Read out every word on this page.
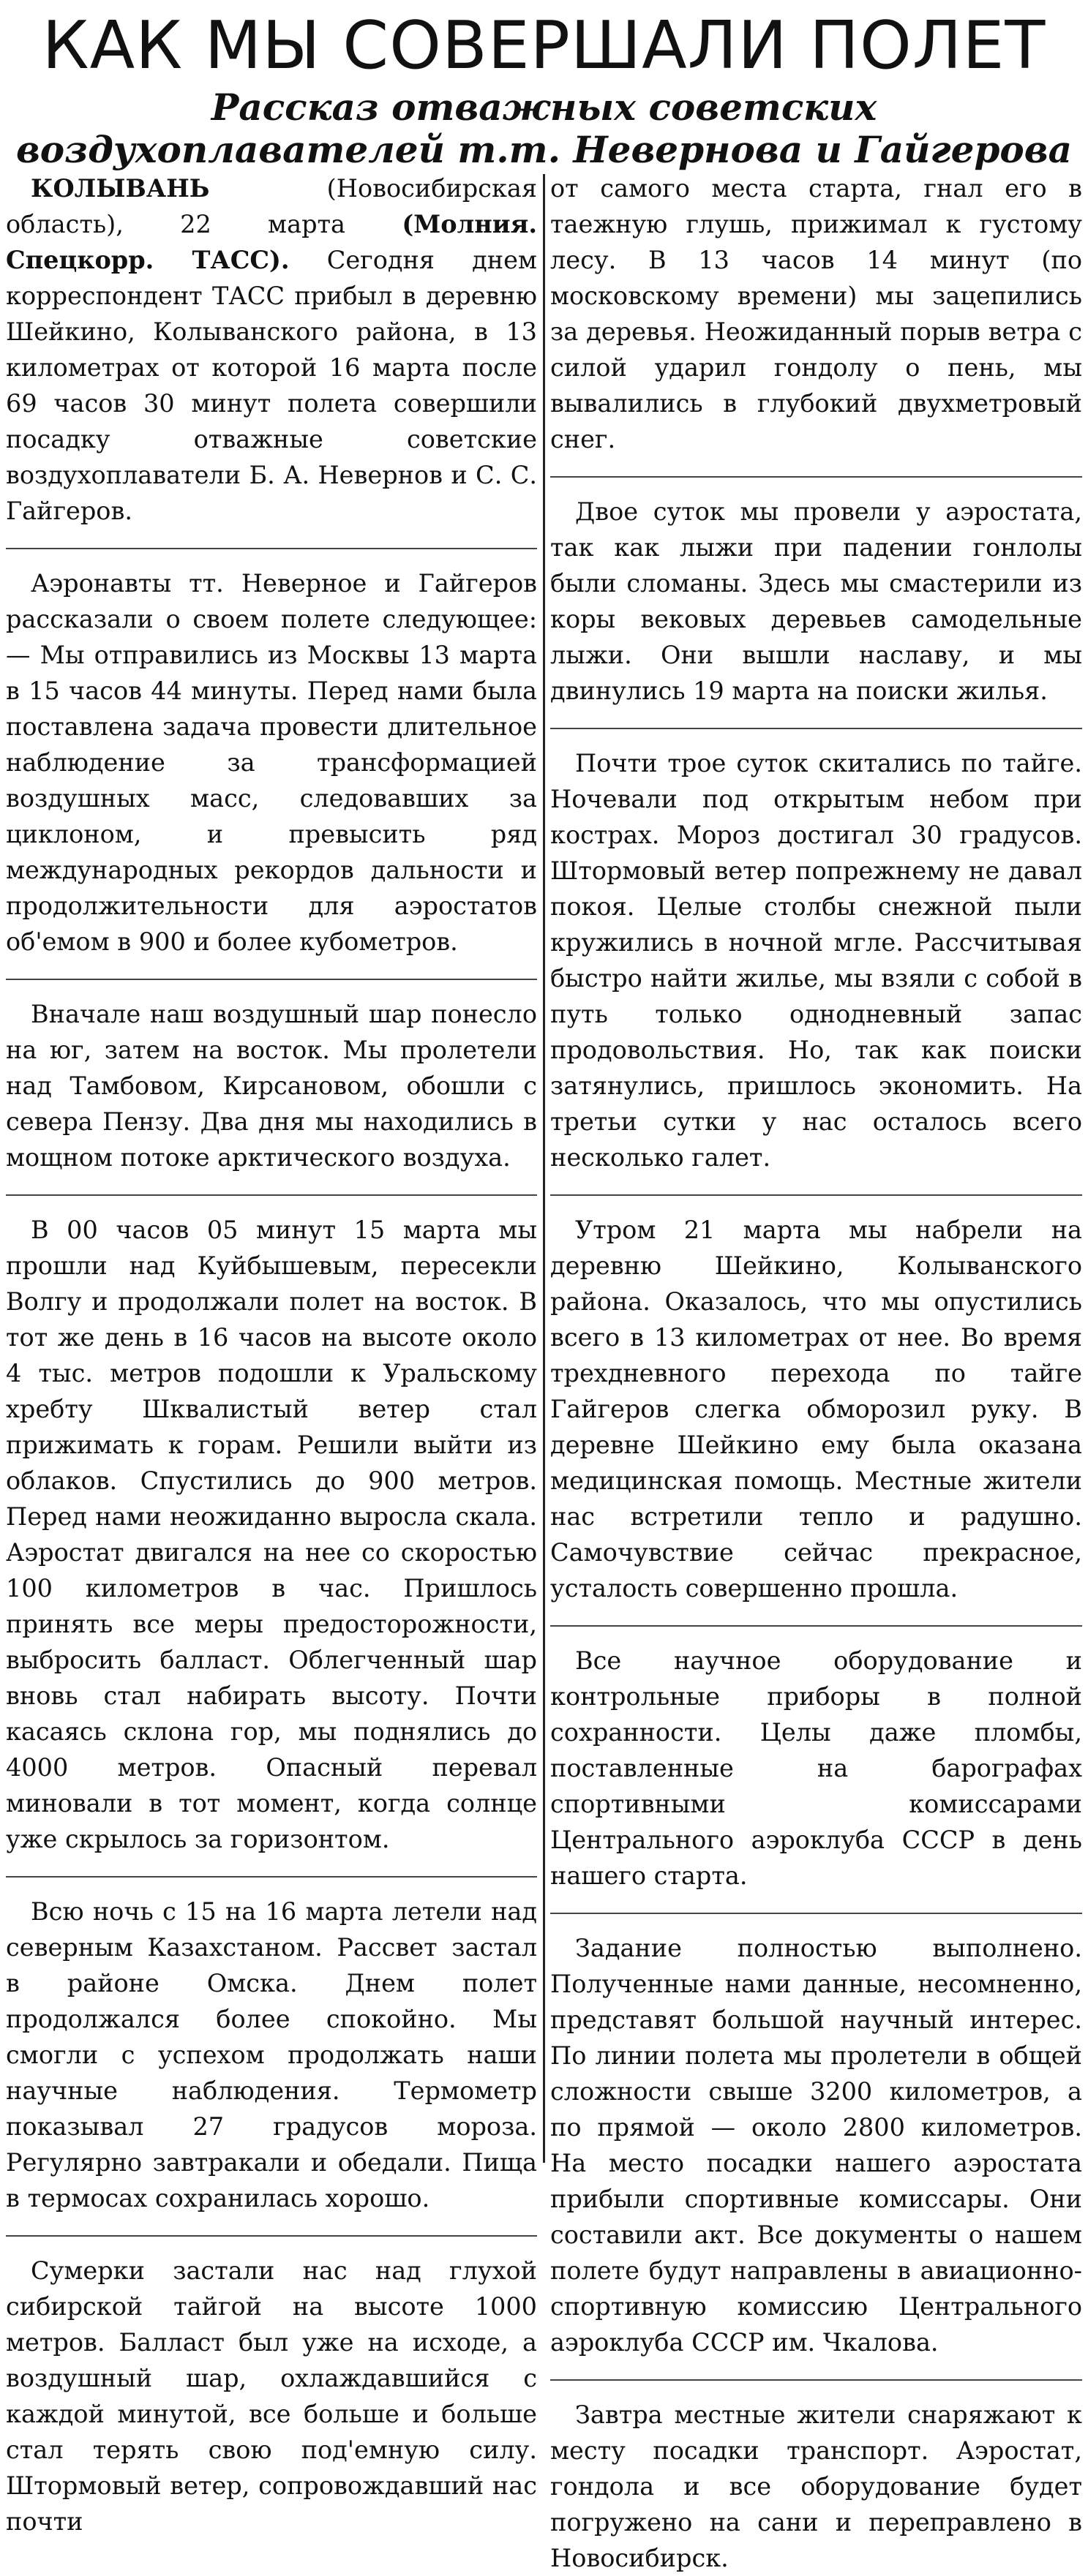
КАК МЫ СОВЕРШАЛИ ПОЛЕТ
Рассказ отважных советских
воздухоплавателей т.т. Невернова и Гайгерова

КОЛЫВАНЬ	(Новосибирская область), 22 марта (Молния. Спецкорр. ТАСС). Сегодня днем корреспондент ТАСС прибыл в деревню Шейкино, Колыванского района, в 13 километрах от которой 16 марта после 69 часов 30 минут полета совершили посадку отважные советские воздухоплаватели Б. А. Невернов и С. С. Гайгеров.

Аэронавты тт. Неверное и Гайгеров рассказали о своем полете следующее: — Мы отправились из Москвы 13 марта в 15 часов 44 минуты. Перед нами была поставлена задача провести длительное наблюдение за трансформацией воздушных масс, следовавших за циклоном, и превысить ряд международных рекордов дальности и продолжительности для аэростатов об'емом в 900 и более кубометров.

Вначале наш воздушный шар понесло на юг, затем на восток. Мы пролетели над Тамбовом, Кирсановом, обошли с севера Пензу. Два дня мы находились в мощном потоке арктического воздуха.

В 00 часов 05 минут 15 марта мы прошли над Куйбышевым, пересекли Волгу и продолжали полет на восток. В тот же день в 16 часов на высоте около 4 тыс. метров подошли к Уральскому хребту Шквалистый ветер стал прижимать к горам. Решили выйти из облаков. Спустились до 900 метров. Перед нами неожиданно выросла скала. Аэростат двигался на нее со скоростью 100 километров в час. Пришлось принять все меры предосторожности, выбросить балласт. Облегченный шар вновь стал набирать высоту. Почти касаясь склона гор, мы поднялись до 4000 метров. Опасный перевал миновали в тот момент, когда солнце уже скрылось за горизонтом.

Всю ночь с 15 на 16 марта летели над северным Казахстаном. Рассвет застал в районе Омска. Днем полет продолжался более спокойно. Мы смогли с успехом продолжать наши научные наблюдения. Термометр показывал 27 градусов мороза. Регулярно завтракали и обедали. Пища в термосах сохранилась хорошо.

Сумерки застали нас над глухой сибирской тайгой на высоте 1000 метров. Балласт был уже на исходе, а воздушный шар, охлаждавшийся с каждой минутой, все больше и больше стал терять свою под'емную силу. Штормовый ветер, сопровождавший нас почти

от самого места старта, гнал его в таежную глушь, прижимал к густому лесу. В 13 часов 14 минут (по московскому времени) мы зацепились за деревья. Неожиданный порыв ветра с силой ударил гондолу о пень, мы вывалились в глубокий двухметровый снег.

Двое суток мы провели у аэростата, так как лыжи при падении гонлолы были сломаны. Здесь мы смастерили из коры вековых деревьев самодельные лыжи. Они вышли наславу, и мы двинулись 19 марта на поиски жилья.

Почти трое суток скитались по тайге. Ночевали под открытым небом при кострах. Мороз достигал 30 градусов. Штормовый ветер попрежнему не давал покоя. Целые столбы снежной пыли кружились в ночной мгле. Рассчитывая быстро найти жилье, мы взяли с собой в путь только однодневный запас продовольствия. Но, так как поиски затянулись, пришлось экономить. На третьи сутки у нас осталось всего несколько галет.

Утром 21 марта мы набрели на деревню Шейкино, Колыванского района. Оказалось, что мы опустились всего в 13 километрах от нее. Во время трехдневного перехода по тайге Гайгеров слегка обморозил руку. В деревне Шейкино ему была оказана медицинская помощь. Местные жители нас встретили тепло и радушно. Самочувствие сейчас прекрасное, усталость совершенно прошла.

Все научное оборудование и контрольные приборы в полной сохранности. Целы даже пломбы, поставленные на барографах спортивными комиссарами Центрального аэроклуба СССР в день нашего старта.

Задание полностью выполнено. Полученные нами данные, несомненно, представят большой научный интерес. По линии полета мы пролетели в общей сложности свыше 3200 километров, а по прямой — около 2800 километров. На место посадки нашего аэростата прибыли спортивные комиссары. Они составили акт. Все документы о нашем полете будут направлены в авиационно-спортивную комиссию Центрального аэроклуба СССР им. Чкалова.

Завтра местные жители снаряжают к месту посадки транспорт. Аэростат, гондола и все оборудование будет погружено на сани и переправлено в Новосибирск.
